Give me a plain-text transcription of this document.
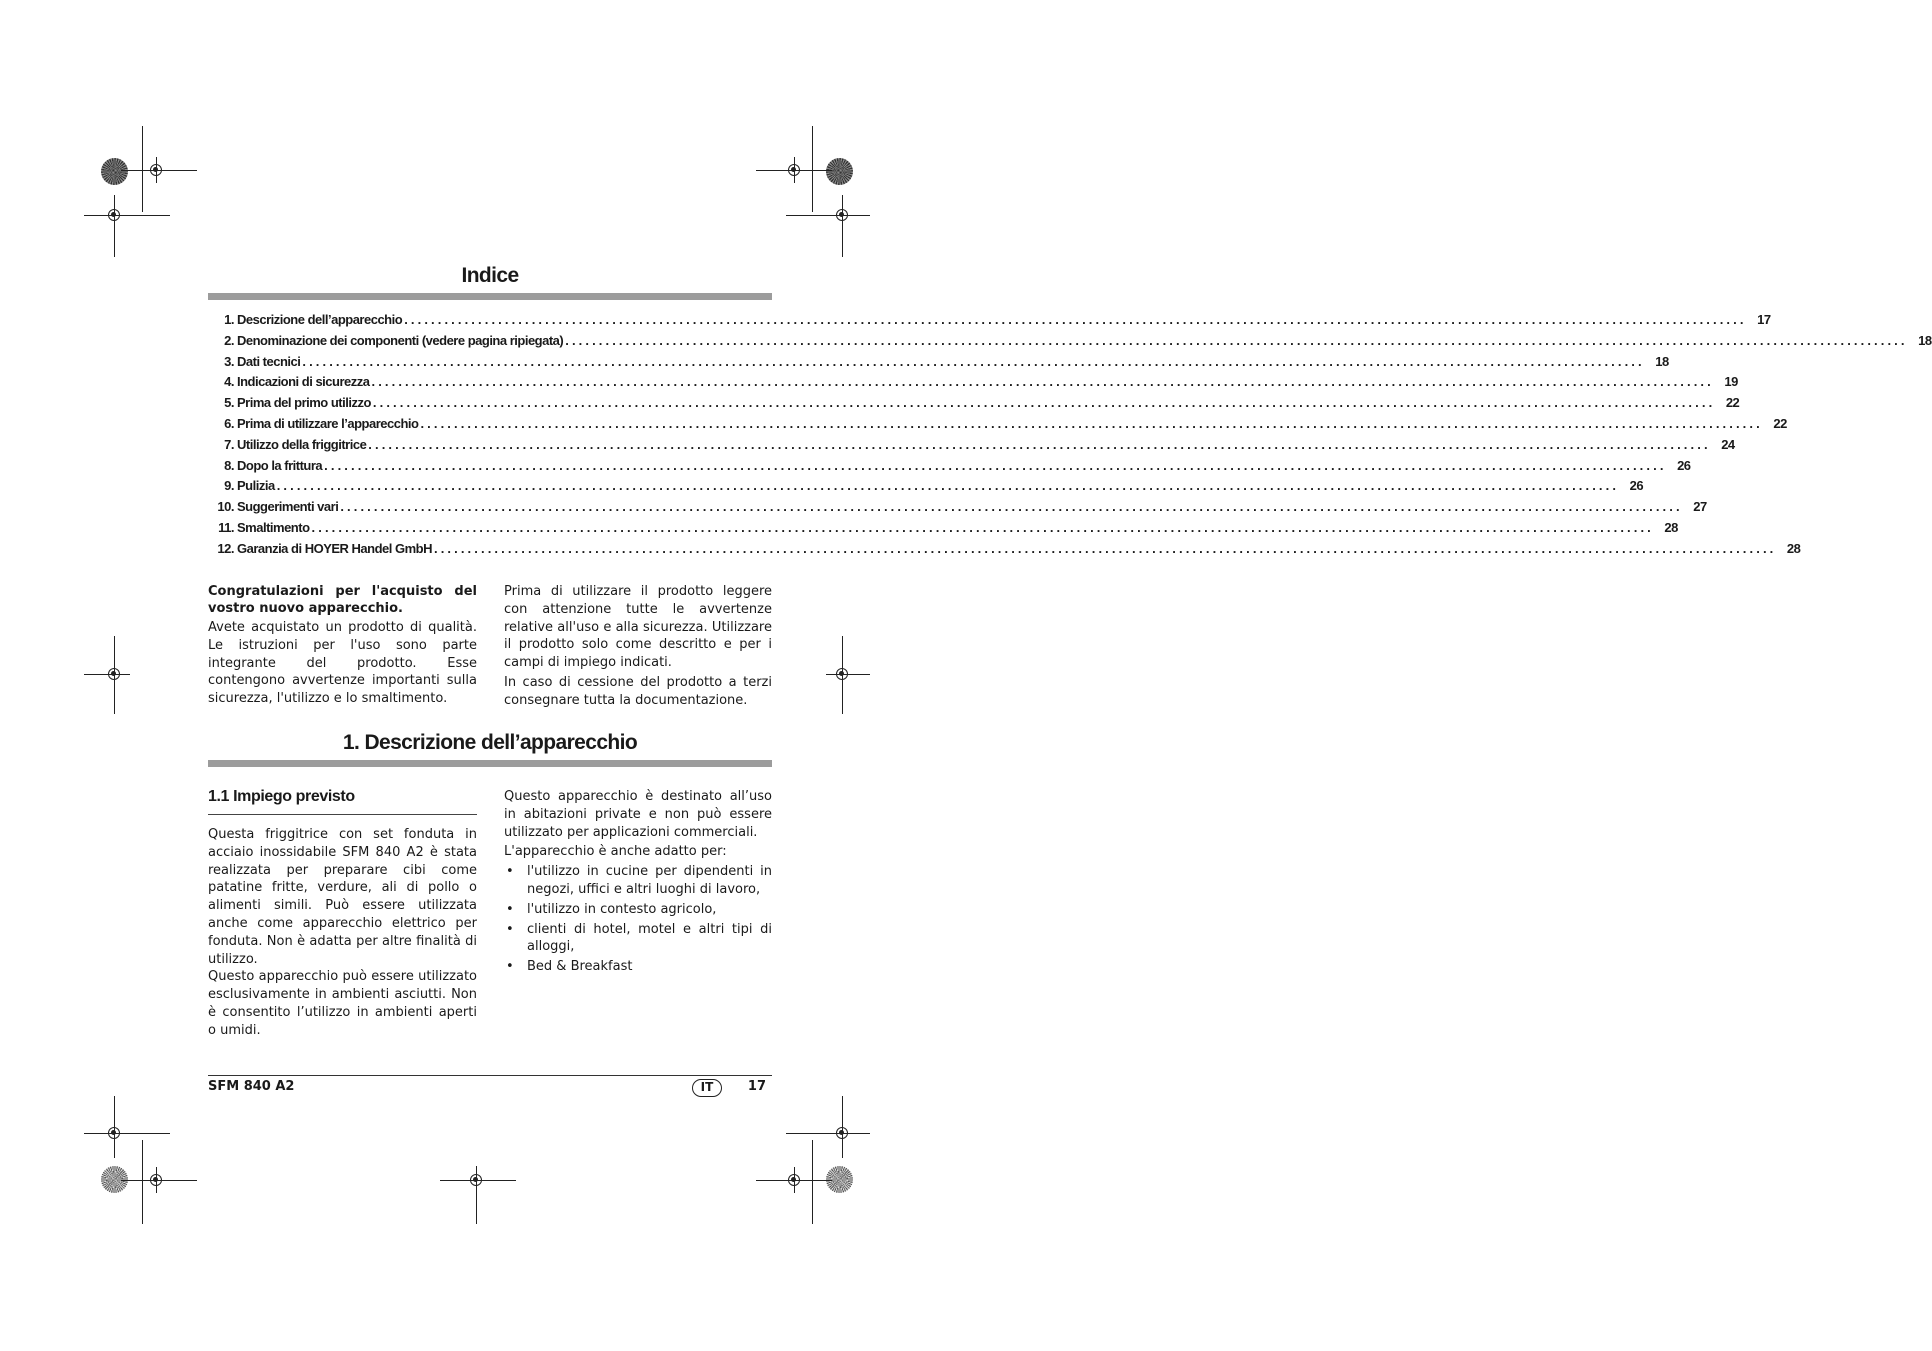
Indice
1. Descrizione dell’apparecchio ........................................................................................................................................................................................................ 17
2. Denominazione dei componenti (vedere pagina ripiegata) ........................................................................................................................................................................................................ 18
3. Dati tecnici ........................................................................................................................................................................................................ 18
4. Indicazioni di sicurezza ........................................................................................................................................................................................................ 19
5. Prima del primo utilizzo ........................................................................................................................................................................................................ 22
6. Prima di utilizzare l’apparecchio ........................................................................................................................................................................................................ 22
7. Utilizzo della friggitrice ........................................................................................................................................................................................................ 24
8. Dopo la frittura ........................................................................................................................................................................................................ 26
9. Pulizia ........................................................................................................................................................................................................ 26
10. Suggerimenti vari ........................................................................................................................................................................................................ 27
11. Smaltimento ........................................................................................................................................................................................................ 28
12. Garanzia di HOYER Handel GmbH ........................................................................................................................................................................................................ 28

Congratulazioni per l'acquisto del vostro nuovo apparecchio.

Avete acquistato un prodotto di qualità. Le istruzioni per l'uso sono parte integrante del prodotto. Esse contengono avvertenze importanti sulla sicurezza, l'utilizzo e lo smaltimento.

Prima di utilizzare il prodotto leggere con attenzione tutte le avvertenze relative all'uso e alla sicurezza. Utilizzare il prodotto solo come descritto e per i campi di impiego indicati.

In caso di cessione del prodotto a terzi consegnare tutta la documentazione.

1. Descrizione dell’apparecchio
1.1 Impiego previsto

Questa friggitrice con set fonduta in acciaio inossidabile SFM 840 A2 è stata realizzata per preparare cibi come patatine fritte, verdure, ali di pollo o alimenti simili. Può essere utilizzata anche come apparecchio elettrico per fonduta. Non è adatta per altre finalità di utilizzo.

Questo apparecchio può essere utilizzato esclusivamente in ambienti asciutti. Non è consentito l’utilizzo in ambienti aperti o umidi.

Questo apparecchio è destinato all’uso in abitazioni private e non può essere utilizzato per applicazioni commerciali.

L'apparecchio è anche adatto per:

• l'utilizzo in cucine per dipendenti in negozi, uffici e altri luoghi di lavoro,
• l'utilizzo in contesto agricolo,
• clienti di hotel, motel e altri tipi di alloggi,
• Bed & Breakfast
SFM 840 A2	IT	17
